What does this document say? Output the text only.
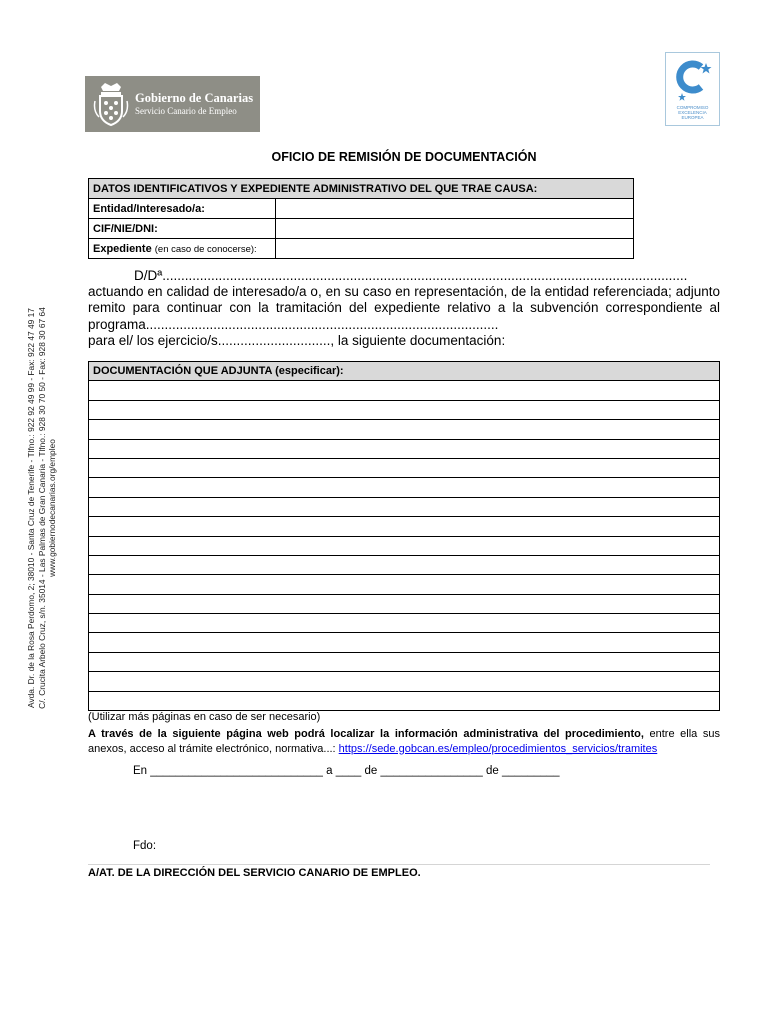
Gobierno de Canarias
Servicio Canario de Empleo	COMPROMISO
EXCELENCIA
EUROPEA
Avda. Dr. de la Rosa Perdomo, 2; 38010 - Santa Cruz de Tenerife - Tlfno.: 922 92 49 99 - Fax: 922 47 49 17 C/. Crucita Arbelo Cruz, s/n. 35014 - Las Palmas de Gran Canaria - Tlfno.: 928 30 70 50 - Fax: 928 30 67 64 www.gobiernodecanarias.org/empleo
OFICIO DE REMISIÓN DE DOCUMENTACIÓN
DATOS IDENTIFICATIVOS Y EXPEDIENTE ADMINISTRATIVO DEL QUE TRAE CAUSA:	
Entidad/Interesado/a:	
CIF/NIE/DNI:	
Expediente (en caso de conocerse):	

D/Dª............................................................................................................................................

actuando en calidad de interesado/a o, en su caso en representación, de la entidad referenciada; adjunto remito para continuar con la tramitación del expediente relativo a la subvención correspondiente al programa..............................................................................................

para el/ los ejercicio/s.............................., la siguiente documentación:

DOCUMENTACIÓN QUE ADJUNTA (especificar):

(Utilizar más páginas en caso de ser necesario)
A través de la siguiente página web podrá localizar la información administrativa del procedimiento, entre ella sus anexos, acceso al trámite electrónico, normativa...: https://sede.gobcan.es/empleo/procedimientos_servicios/tramites
En ___________________________ a ____ de ________________ de _________
Fdo:
A/AT. DE LA DIRECCIÓN DEL SERVICIO CANARIO DE EMPLEO.
